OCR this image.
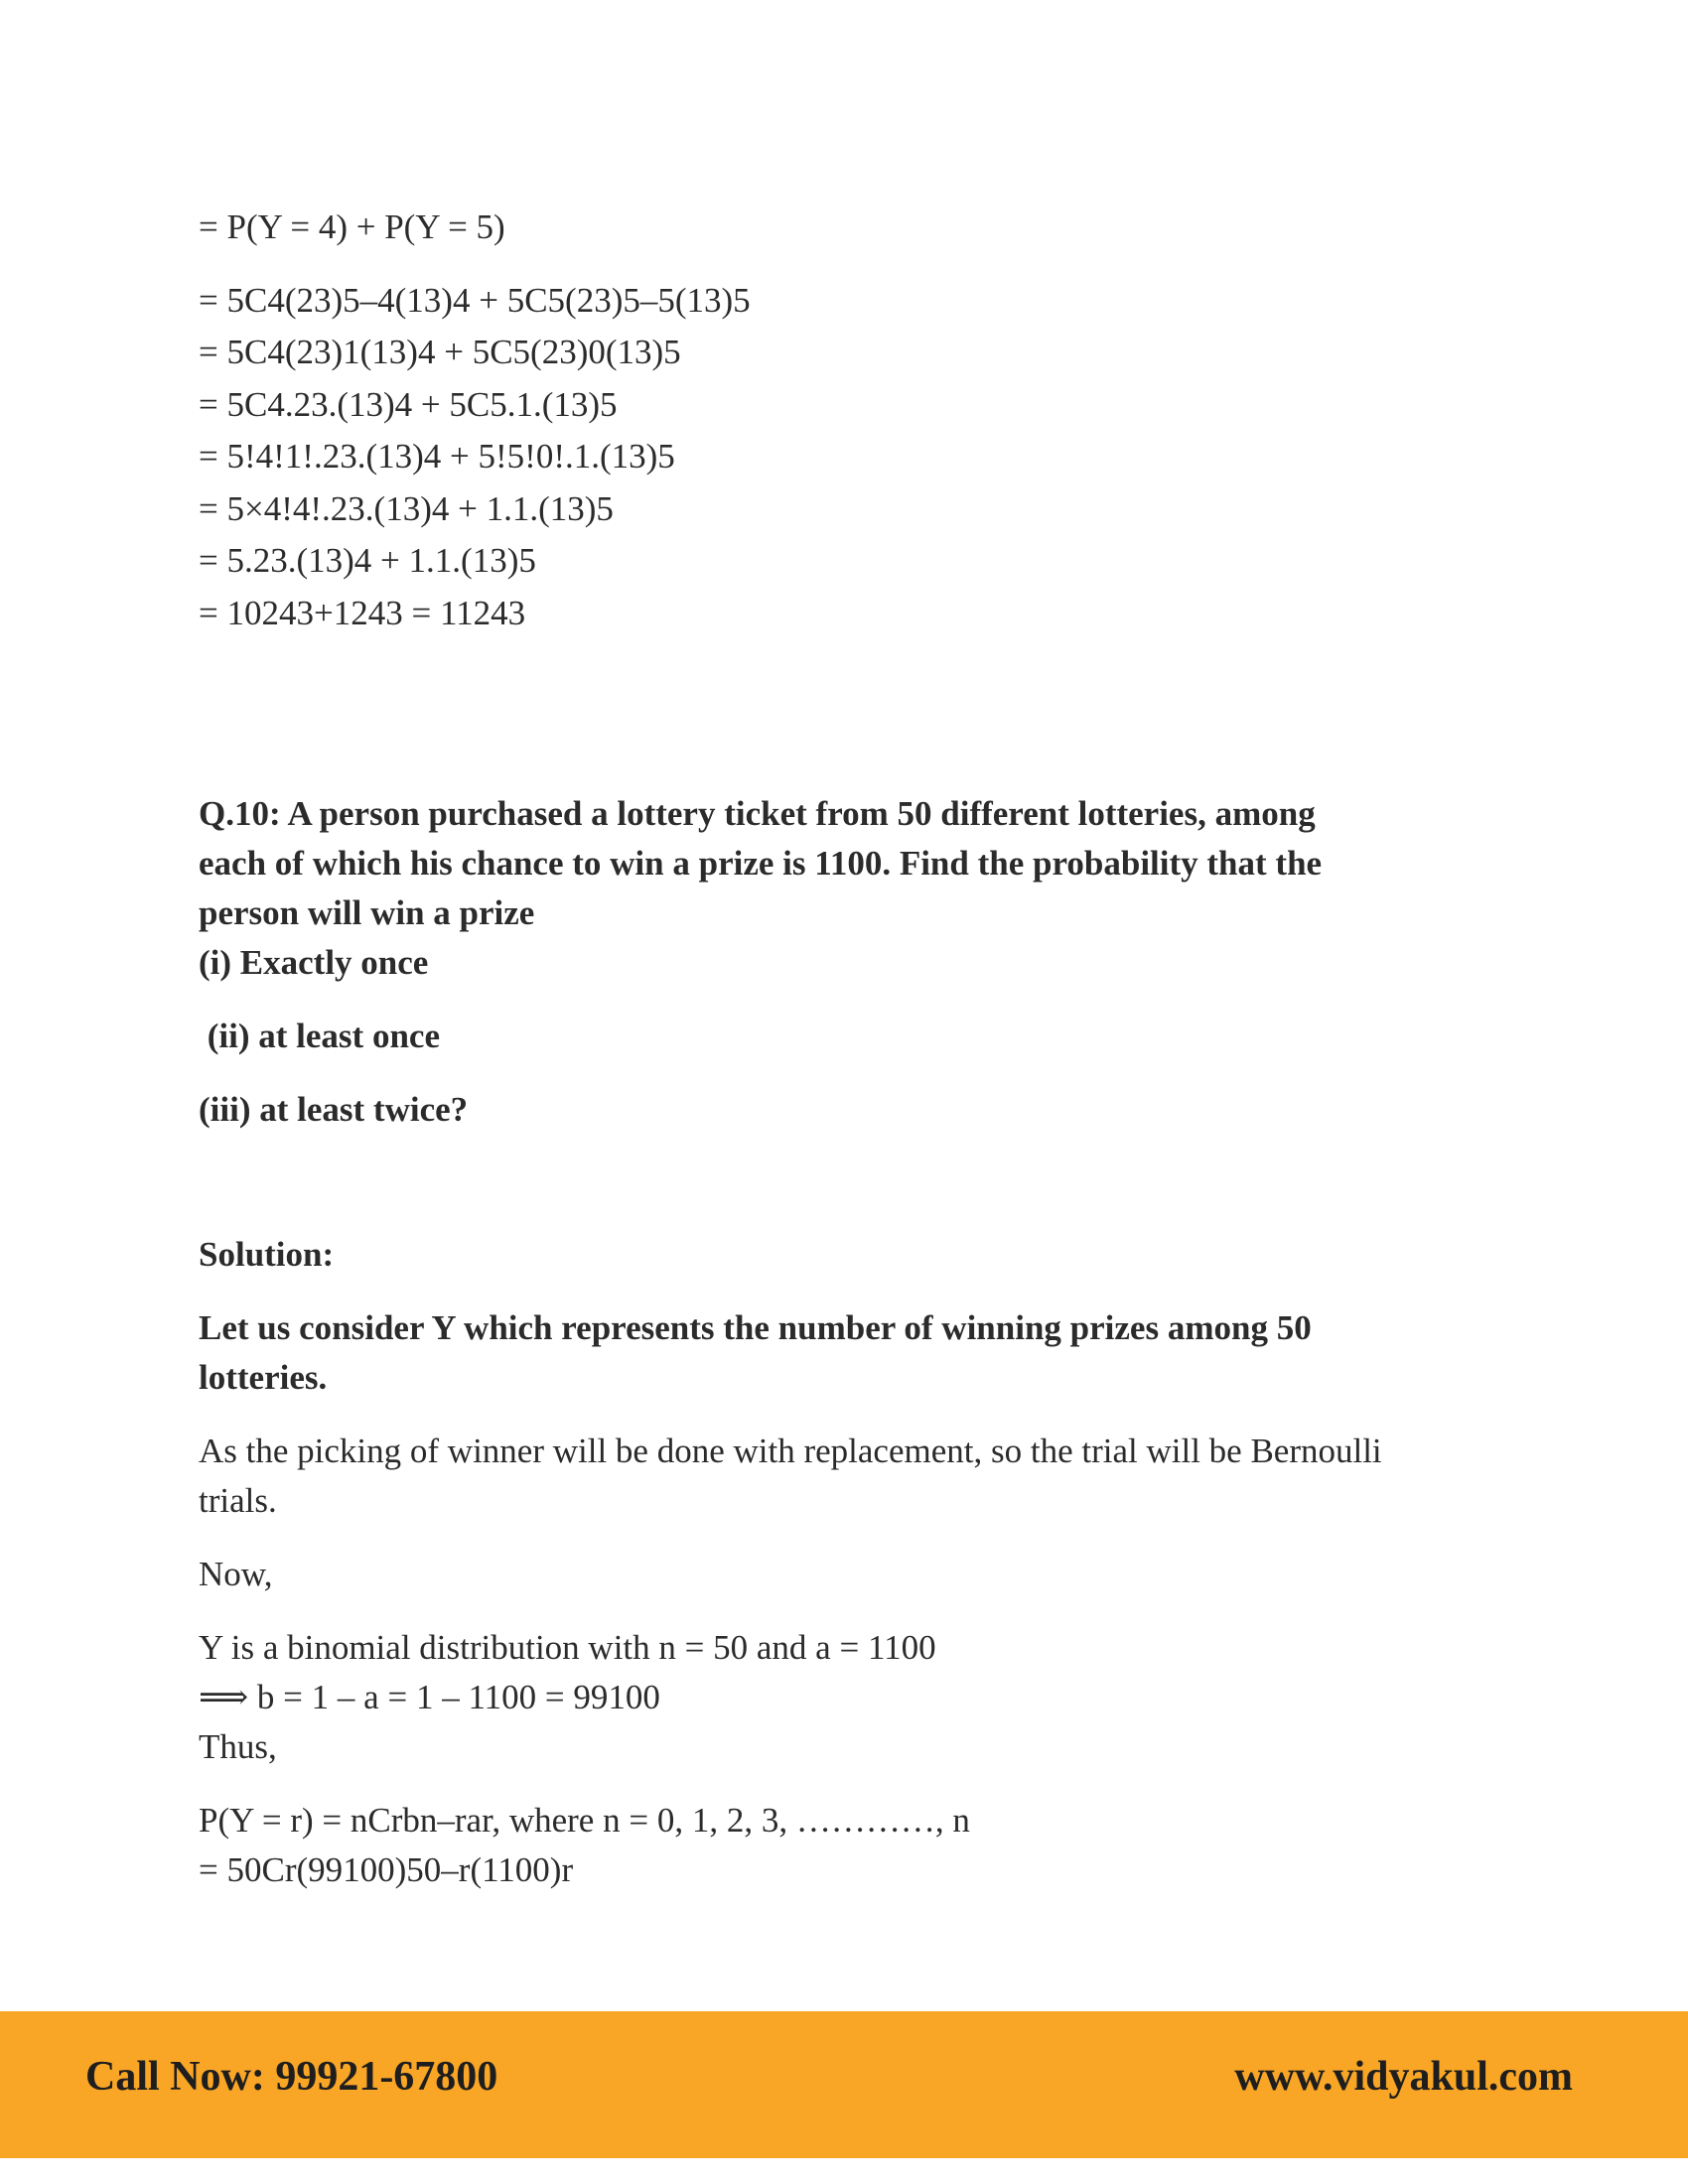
= P(Y = 4) + P(Y = 5)
= 5C4(23)5–4(13)4 + 5C5(23)5–5(13)5
= 5C4(23)1(13)4 + 5C5(23)0(13)5
= 5C4.23.(13)4 + 5C5.1.(13)5
= 5!4!1!.23.(13)4 + 5!5!0!.1.(13)5
= 5×4!4!.23.(13)4 + 1.1.(13)5
= 5.23.(13)4 + 1.1.(13)5
= 10243+1243 = 11243
Q.10: A person purchased a lottery ticket from 50 different lotteries, among
each of which his chance to win a prize is 1100. Find the probability that the
person will win a prize
(i) Exactly once
(ii) at least once
(iii) at least twice?
Solution:
Let us consider Y which represents the number of winning prizes among 50
lotteries.
As the picking of winner will be done with replacement, so the trial will be Bernoulli
trials.
Now,
Y is a binomial distribution with n = 50 and a = 1100
⟹ b = 1 – a = 1 – 1100 = 99100
Thus,
P(Y = r) = nCrbn–rar, where n = 0, 1, 2, 3, …………, n
= 50Cr(99100)50–r(1100)r
Call Now: 99921-67800	www.vidyakul.com
